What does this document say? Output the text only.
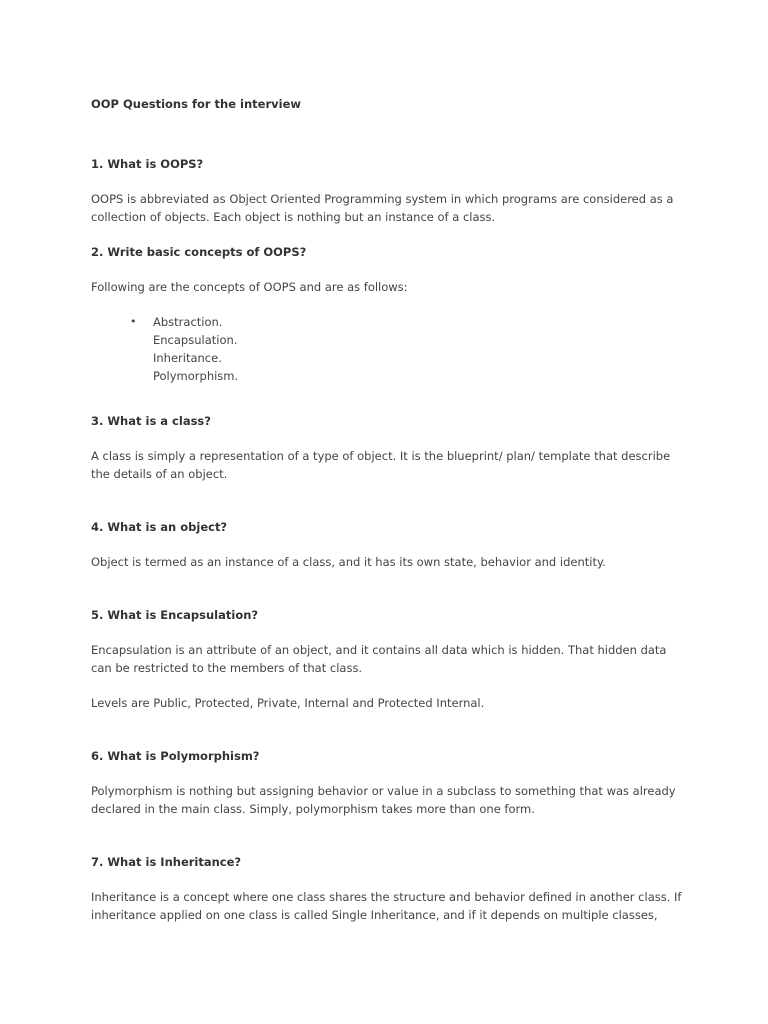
OOP Questions for the interview
1. What is OOPS?
OOPS is abbreviated as Object Oriented Programming system in which programs are considered as a
collection of objects. Each object is nothing but an instance of a class.
2. Write basic concepts of OOPS?
Following are the concepts of OOPS and are as follows:
• Abstraction.
Encapsulation.
Inheritance.
Polymorphism.
3. What is a class?
A class is simply a representation of a type of object. It is the blueprint/ plan/ template that describe
the details of an object.
4. What is an object?
Object is termed as an instance of a class, and it has its own state, behavior and identity.
5. What is Encapsulation?
Encapsulation is an attribute of an object, and it contains all data which is hidden. That hidden data
can be restricted to the members of that class.
Levels are Public, Protected, Private, Internal and Protected Internal.
6. What is Polymorphism?
Polymorphism is nothing but assigning behavior or value in a subclass to something that was already
declared in the main class. Simply, polymorphism takes more than one form.
7. What is Inheritance?
Inheritance is a concept where one class shares the structure and behavior defined in another class. If
inheritance applied on one class is called Single Inheritance, and if it depends on multiple classes,
